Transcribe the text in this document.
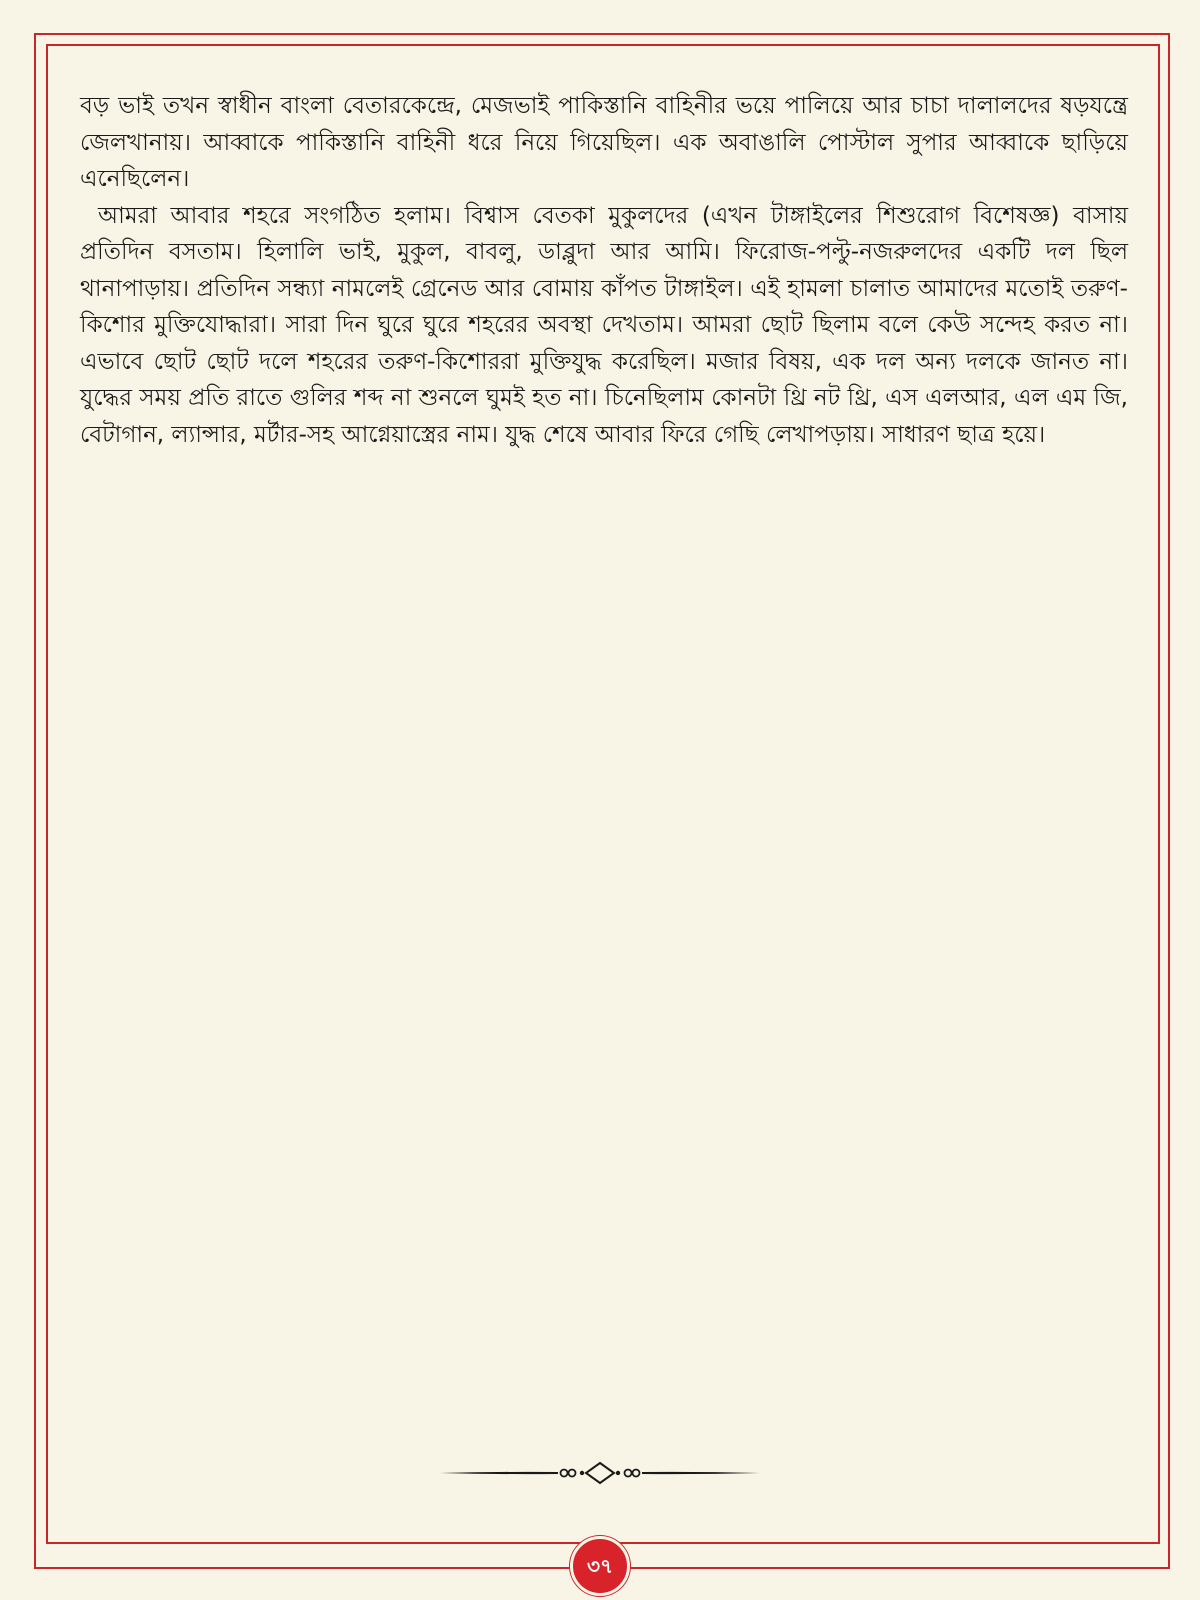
বড় ভাই তখন স্বাধীন বাংলা বেতারকেন্দ্রে, মেজভাই পাকিস্তানি বাহিনীর ভয়ে পালিয়ে আর চাচা দালালদের ষড়যন্ত্রে জেলখানায়। আব্বাকে পাকিস্তানি বাহিনী ধরে নিয়ে গিয়েছিল। এক অবাঙালি পোস্টাল সুপার আব্বাকে ছাড়িয়ে এনেছিলেন।

আমরা আবার শহরে সংগঠিত হলাম। বিশ্বাস বেতকা মুকুলদের (এখন টাঙ্গাইলের শিশুরোগ বিশেষজ্ঞ) বাসায় প্রতিদিন বসতাম। হিলালি ভাই, মুকুল, বাবলু, ডাব্লুদা আর আমি। ফিরোজ-পল্টু-নজরুলদের একটি দল ছিল থানাপাড়ায়। প্রতিদিন সন্ধ্যা নামলেই গ্রেনেড আর বোমায় কাঁপত টাঙ্গাইল। এই হামলা চালাত আমাদের মতোই তরুণ-কিশোর মুক্তিযোদ্ধারা। সারা দিন ঘুরে ঘুরে শহরের অবস্থা দেখতাম। আমরা ছোট ছিলাম বলে কেউ সন্দেহ করত না। এভাবে ছোট ছোট দলে শহরের তরুণ-কিশোররা মুক্তিযুদ্ধ করেছিল। মজার বিষয়, এক দল অন্য দলকে জানত না। যুদ্ধের সময় প্রতি রাতে গুলির শব্দ না শুনলে ঘুমই হত না। চিনেছিলাম কোনটা থ্রি নট থ্রি, এস এলআর, এল এম জি, বেটাগান, ল্যান্সার, মর্টার-সহ আগ্নেয়াস্ত্রের নাম। যুদ্ধ শেষে আবার ফিরে গেছি লেখাপড়ায়। সাধারণ ছাত্র হয়ে।

৩৭
